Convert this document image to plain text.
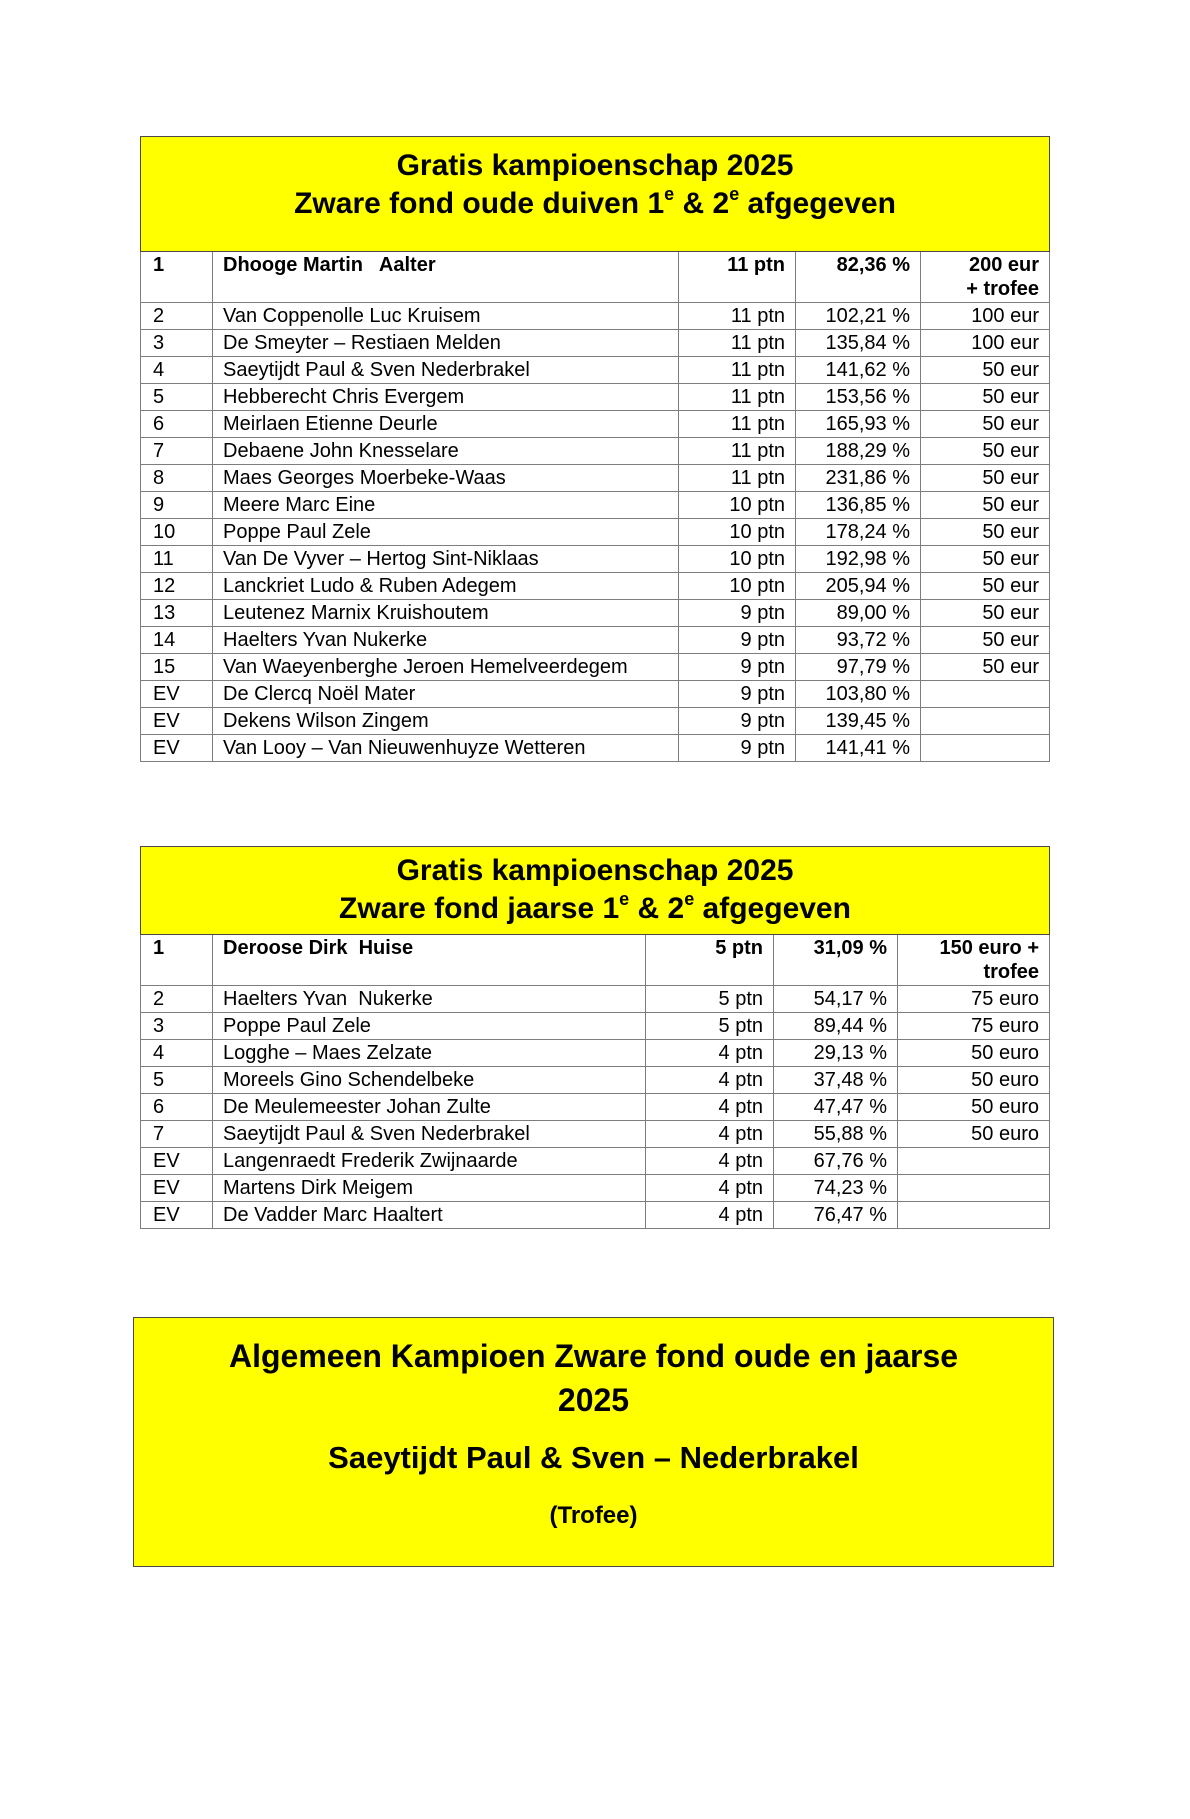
Gratis kampioenschap 2025
Zware fond oude duiven 1e & 2e afgegeven				

1	Dhooge Martin   Aalter	11 ptn	82,36 %	200 eur
+ trofee
2	Van Coppenolle Luc Kruisem	11 ptn	102,21 %	100 eur
3	De Smeyter – Restiaen Melden	11 ptn	135,84 %	100 eur
4	Saeytijdt Paul & Sven Nederbrakel	11 ptn	141,62 %	50 eur
5	Hebberecht Chris Evergem	11 ptn	153,56 %	50 eur
6	Meirlaen Etienne Deurle	11 ptn	165,93 %	50 eur
7	Debaene John Knesselare	11 ptn	188,29 %	50 eur
8	Maes Georges Moerbeke-Waas	11 ptn	231,86 %	50 eur
9	Meere Marc Eine	10 ptn	136,85 %	50 eur
10	Poppe Paul Zele	10 ptn	178,24 %	50 eur
11	Van De Vyver – Hertog Sint-Niklaas	10 ptn	192,98 %	50 eur
12	Lanckriet Ludo & Ruben Adegem	10 ptn	205,94 %	50 eur
13	Leutenez Marnix Kruishoutem	9 ptn	89,00 %	50 eur
14	Haelters Yvan Nukerke	9 ptn	93,72 %	50 eur
15	Van Waeyenberghe Jeroen Hemelveerdegem	9 ptn	97,79 %	50 eur
EV	De Clercq Noël Mater	9 ptn	103,80 %	
EV	Dekens Wilson Zingem	9 ptn	139,45 %	
EV	Van Looy – Van Nieuwenhuyze Wetteren	9 ptn	141,41 %	
Gratis kampioenschap 2025
Zware fond jaarse 1e & 2e afgegeven				

1	Deroose Dirk  Huise	5 ptn	31,09 %	150 euro +
trofee
2	Haelters Yvan  Nukerke	5 ptn	54,17 %	75 euro
3	Poppe Paul Zele	5 ptn	89,44 %	75 euro
4	Logghe – Maes Zelzate	4 ptn	29,13 %	50 euro
5	Moreels Gino Schendelbeke	4 ptn	37,48 %	50 euro
6	De Meulemeester Johan Zulte	4 ptn	47,47 %	50 euro
7	Saeytijdt Paul & Sven Nederbrakel	4 ptn	55,88 %	50 euro
EV	Langenraedt Frederik Zwijnaarde	4 ptn	67,76 %	
EV	Martens Dirk Meigem	4 ptn	74,23 %	
EV	De Vadder Marc Haaltert	4 ptn	76,47 %	
Algemeen Kampioen Zware fond oude en jaarse
2025
Saeytijdt Paul & Sven – Nederbrakel
(Trofee)
